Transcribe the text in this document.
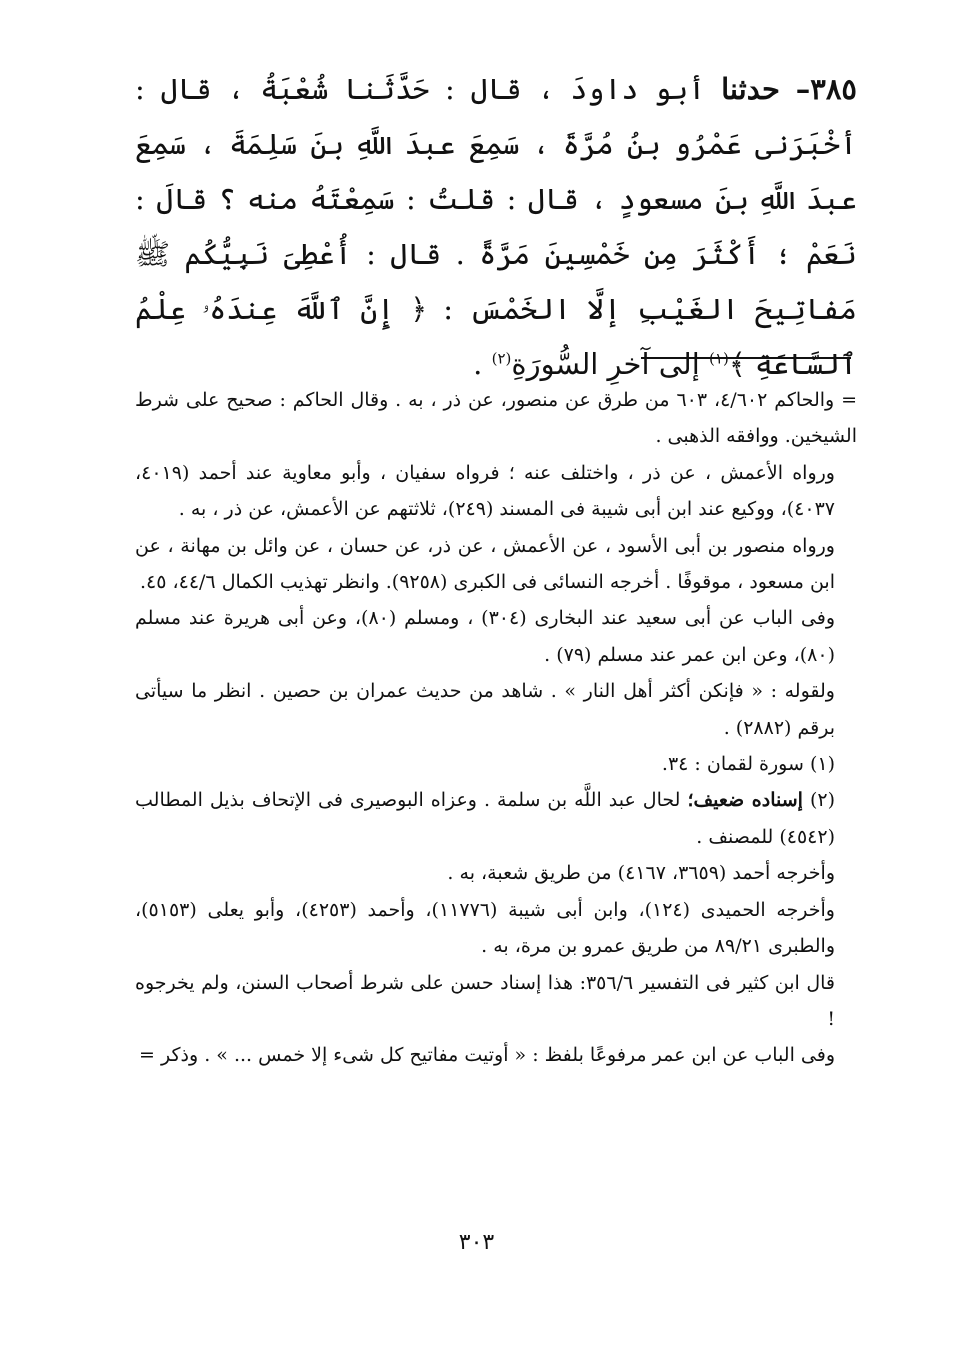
٣٨٥– حدثنا أبو داودَ ، قال : حَدَّثَنا شُعْبَةُ ، قال : أخْبَرَنى عَمْرُو بنُ مُرَّةَ ، سَمِعَ عبدَ اللَّهِ بنَ سَلِمَةَ ، سَمِعَ عبدَ اللَّهِ بنَ مسعودٍ ، قال : قلتُ : سَمِعْتَهُ منه ؟ قالَ : نَعَمْ ؛ أَكْثَرَ مِن خَمْسِينَ مَرَّةً . قال : أُعْطِىَ نَبِيُّكُم ﷺ مَفاتِيحَ الغَيْبِ إلَّا الخَمْسَ : ﴿ إِنَّ ٱللَّهَ عِندَهُۥ عِلْمُ ٱلسَّاعَةِ ﴾$^{(١)}$ إلى آخرِ السُّورَةِ$^{(٢)}$ .

= والحاكم ٤/٦٠٢، ٦٠٣ من طرق عن منصور، عن ذر ، به . وقال الحاكم : صحيح على شرط الشيخين. ووافقه الذهبى .

ورواه الأعمش ، عن ذر ، واختلف عنه ؛ فرواه سفيان ، وأبو معاوية عند أحمد (٤٠١٩، ٤٠٣٧)، ووكيع عند ابن أبى شيبة فى المسند (٢٤٩)، ثلاثتهم عن الأعمش، عن ذر ، به .

ورواه منصور بن أبى الأسود ، عن الأعمش ، عن ذر، عن حسان ، عن وائل بن مهانة ، عن ابن مسعود ، موقوفًا . أخرجه النسائى فى الكبرى (٩٢٥٨). وانظر تهذيب الكمال ٤٤/٦، ٤٥.

وفى الباب عن أبى سعيد عند البخارى (٣٠٤) ، ومسلم (٨٠)، وعن أبى هريرة عند مسلم (٨٠)، وعن ابن عمر عند مسلم (٧٩) .

ولقوله : « فإنكن أكثر أهل النار » . شاهد من حديث عمران بن حصين . انظر ما سيأتى برقم (٢٨٨٢) .

(١) سورة لقمان : ٣٤.

(٢) إسناده ضعيف؛ لحال عبد اللَّه بن سلمة . وعزاه البوصيرى فى الإتحاف بذيل المطالب (٤٥٤٢) للمصنف .

وأخرجه أحمد (٣٦٥٩، ٤١٦٧) من طريق شعبة، به .

وأخرجه الحميدى (١٢٤)، وابن أبى شيبة (١١٧٧٦)، وأحمد (٤٢٥٣)، وأبو يعلى (٥١٥٣)، والطبرى ٨٩/٢١ من طريق عمرو بن مرة، به .

قال ابن كثير فى التفسير ٣٥٦/٦: هذا إسناد حسن على شرط أصحاب السنن، ولم يخرجوه !

وفى الباب عن ابن عمر مرفوعًا بلفظ : « أوتيت مفاتيح كل شىء إلا خمس ... » . وذكر =

٣٠٣
